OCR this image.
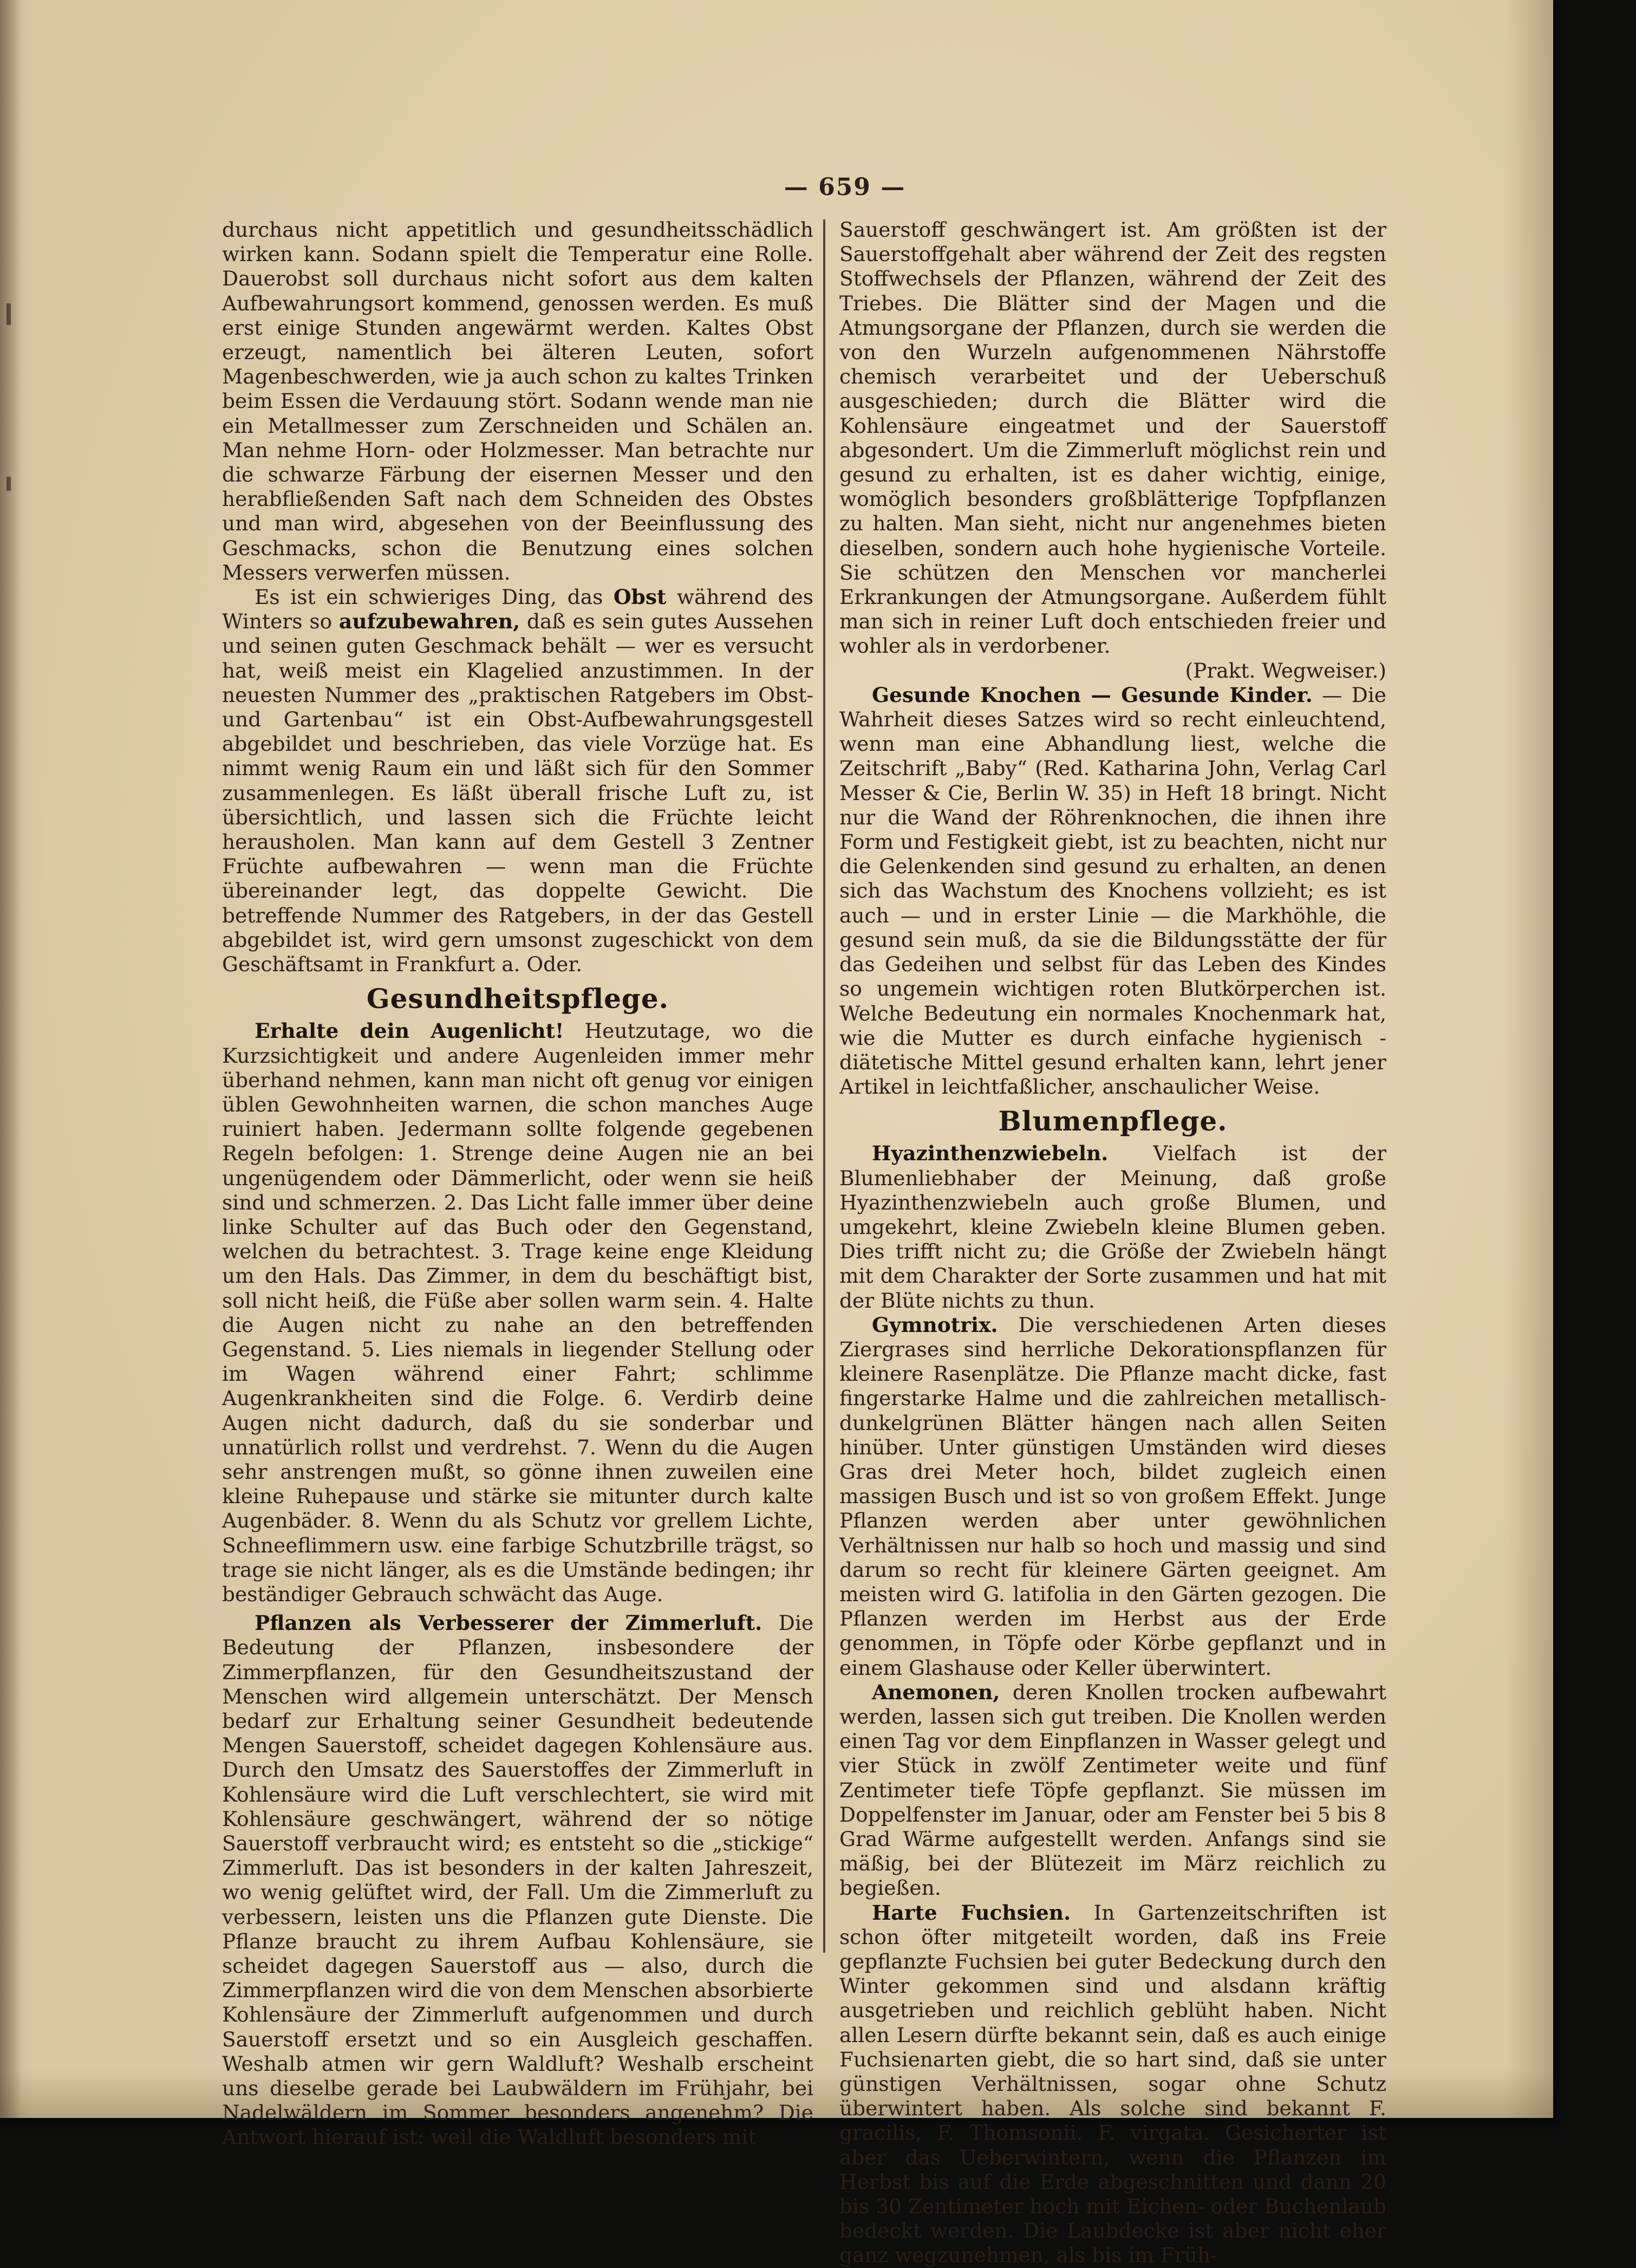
— 659 —

durchaus nicht appetitlich und gesundheitsschädlich wirken kann. Sodann spielt die Temperatur eine Rolle. Dauerobst soll durchaus nicht sofort aus dem kalten Aufbewahrungsort kommend, genossen werden. Es muß erst einige Stunden angewärmt werden. Kaltes Obst erzeugt, namentlich bei älteren Leuten, sofort Magenbeschwerden, wie ja auch schon zu kaltes Trinken beim Essen die Verdauung stört. Sodann wende man nie ein Metallmesser zum Zerschneiden und Schälen an. Man nehme Horn- oder Holzmesser. Man betrachte nur die schwarze Färbung der eisernen Messer und den herabfließenden Saft nach dem Schneiden des Obstes und man wird, abgesehen von der Beeinflussung des Geschmacks, schon die Benutzung eines solchen Messers verwerfen müssen.

Es ist ein schwieriges Ding, das Obst während des Winters so aufzubewahren, daß es sein gutes Aussehen und seinen guten Geschmack behält — wer es versucht hat, weiß meist ein Klagelied anzustimmen. In der neuesten Nummer des „praktischen Ratgebers im Obst- und Gartenbau“ ist ein Obst-Aufbewahrungsgestell abgebildet und beschrieben, das viele Vorzüge hat. Es nimmt wenig Raum ein und läßt sich für den Sommer zusammenlegen. Es läßt überall frische Luft zu, ist übersichtlich, und lassen sich die Früchte leicht herausholen. Man kann auf dem Gestell 3 Zentner Früchte aufbewahren — wenn man die Früchte übereinander legt, das doppelte Gewicht. Die betreffende Nummer des Ratgebers, in der das Gestell abgebildet ist, wird gern umsonst zugeschickt von dem Geschäftsamt in Frankfurt a. Oder.

Gesundheitspflege.

Erhalte dein Augenlicht! Heutzutage, wo die Kurzsichtigkeit und andere Augenleiden immer mehr überhand nehmen, kann man nicht oft genug vor einigen üblen Gewohnheiten warnen, die schon manches Auge ruiniert haben. Jedermann sollte folgende gegebenen Regeln befolgen: 1. Strenge deine Augen nie an bei ungenügendem oder Dämmerlicht, oder wenn sie heiß sind und schmerzen. 2. Das Licht falle immer über deine linke Schulter auf das Buch oder den Gegenstand, welchen du betrachtest. 3. Trage keine enge Kleidung um den Hals. Das Zimmer, in dem du beschäftigt bist, soll nicht heiß, die Füße aber sollen warm sein. 4. Halte die Augen nicht zu nahe an den betreffenden Gegenstand. 5. Lies niemals in liegender Stellung oder im Wagen während einer Fahrt; schlimme Augenkrankheiten sind die Folge. 6. Verdirb deine Augen nicht dadurch, daß du sie sonderbar und unnatürlich rollst und verdrehst. 7. Wenn du die Augen sehr anstrengen mußt, so gönne ihnen zuweilen eine kleine Ruhepause und stärke sie mitunter durch kalte Augenbäder. 8. Wenn du als Schutz vor grellem Lichte, Schneeflimmern usw. eine farbige Schutzbrille trägst, so trage sie nicht länger, als es die Umstände bedingen; ihr beständiger Gebrauch schwächt das Auge.

Pflanzen als Verbesserer der Zimmerluft. Die Bedeutung der Pflanzen, insbesondere der Zimmerpflanzen, für den Gesundheitszustand der Menschen wird allgemein unterschätzt. Der Mensch bedarf zur Erhaltung seiner Gesundheit bedeutende Mengen Sauerstoff, scheidet dagegen Kohlensäure aus. Durch den Umsatz des Sauerstoffes der Zimmerluft in Kohlensäure wird die Luft verschlechtert, sie wird mit Kohlensäure geschwängert, während der so nötige Sauerstoff verbraucht wird; es entsteht so die „stickige“ Zimmerluft. Das ist besonders in der kalten Jahreszeit, wo wenig gelüftet wird, der Fall. Um die Zimmerluft zu verbessern, leisten uns die Pflanzen gute Dienste. Die Pflanze braucht zu ihrem Aufbau Kohlensäure, sie scheidet dagegen Sauerstoff aus — also, durch die Zimmerpflanzen wird die von dem Menschen absorbierte Kohlensäure der Zimmerluft aufgenommen und durch Sauerstoff ersetzt und so ein Ausgleich geschaffen. Weshalb atmen wir gern Waldluft? Weshalb erscheint uns dieselbe gerade bei Laubwäldern im Frühjahr, bei Nadelwäldern im Sommer besonders angenehm? Die Antwort hierauf ist: weil die Waldluft besonders mit

Sauerstoff geschwängert ist. Am größten ist der Sauerstoffgehalt aber während der Zeit des regsten Stoffwechsels der Pflanzen, während der Zeit des Triebes. Die Blätter sind der Magen und die Atmungsorgane der Pflanzen, durch sie werden die von den Wurzeln aufgenommenen Nährstoffe chemisch verarbeitet und der Ueberschuß ausgeschieden; durch die Blätter wird die Kohlensäure eingeatmet und der Sauerstoff abgesondert. Um die Zimmerluft möglichst rein und gesund zu erhalten, ist es daher wichtig, einige, womöglich besonders großblätterige Topfpflanzen zu halten. Man sieht, nicht nur angenehmes bieten dieselben, sondern auch hohe hygienische Vorteile. Sie schützen den Menschen vor mancherlei Erkrankungen der Atmungsorgane. Außerdem fühlt man sich in reiner Luft doch entschieden freier und wohler als in verdorbener.

(Prakt. Wegweiser.)

Gesunde Knochen — Gesunde Kinder. — Die Wahrheit dieses Satzes wird so recht einleuchtend, wenn man eine Abhandlung liest, welche die Zeitschrift „Baby“ (Red. Katharina John, Verlag Carl Messer & Cie, Berlin W. 35) in Heft 18 bringt. Nicht nur die Wand der Röhrenknochen, die ihnen ihre Form und Festigkeit giebt, ist zu beachten, nicht nur die Gelenkenden sind gesund zu erhalten, an denen sich das Wachstum des Knochens vollzieht; es ist auch — und in erster Linie — die Markhöhle, die gesund sein muß, da sie die Bildungsstätte der für das Gedeihen und selbst für das Leben des Kindes so ungemein wichtigen roten Blutkörperchen ist. Welche Bedeutung ein normales Knochenmark hat, wie die Mutter es durch einfache hygienisch - diätetische Mittel gesund erhalten kann, lehrt jener Artikel in leichtfaßlicher, anschaulicher Weise.

Blumenpflege.

Hyazinthenzwiebeln. Vielfach ist der Blumenliebhaber der Meinung, daß große Hyazinthenzwiebeln auch große Blumen, und umgekehrt, kleine Zwiebeln kleine Blumen geben. Dies trifft nicht zu; die Größe der Zwiebeln hängt mit dem Charakter der Sorte zusammen und hat mit der Blüte nichts zu thun.

Gymnotrix. Die verschiedenen Arten dieses Ziergrases sind herrliche Dekorationspflanzen für kleinere Rasenplätze. Die Pflanze macht dicke, fast fingerstarke Halme und die zahlreichen metallisch-dunkelgrünen Blätter hängen nach allen Seiten hinüber. Unter günstigen Umständen wird dieses Gras drei Meter hoch, bildet zugleich einen massigen Busch und ist so von großem Effekt. Junge Pflanzen werden aber unter gewöhnlichen Verhältnissen nur halb so hoch und massig und sind darum so recht für kleinere Gärten geeignet. Am meisten wird G. latifolia in den Gärten gezogen. Die Pflanzen werden im Herbst aus der Erde genommen, in Töpfe oder Körbe gepflanzt und in einem Glashause oder Keller überwintert.

Anemonen, deren Knollen trocken aufbewahrt werden, lassen sich gut treiben. Die Knollen werden einen Tag vor dem Einpflanzen in Wasser gelegt und vier Stück in zwölf Zentimeter weite und fünf Zentimeter tiefe Töpfe gepflanzt. Sie müssen im Doppelfenster im Januar, oder am Fenster bei 5 bis 8 Grad Wärme aufgestellt werden. Anfangs sind sie mäßig, bei der Blütezeit im März reichlich zu begießen.

Harte Fuchsien. In Gartenzeitschriften ist schon öfter mitgeteilt worden, daß ins Freie gepflanzte Fuchsien bei guter Bedeckung durch den Winter gekommen sind und alsdann kräftig ausgetrieben und reichlich geblüht haben. Nicht allen Lesern dürfte bekannt sein, daß es auch einige Fuchsienarten giebt, die so hart sind, daß sie unter günstigen Verhältnissen, sogar ohne Schutz überwintert haben. Als solche sind bekannt F. gracilis, F. Thomsonii. F. virgata. Gesicherter ist aber das Ueberwintern, wenn die Pflanzen im Herbst bis auf die Erde abgeschnitten und dann 20 bis 30 Zentimeter hoch mit Eichen- oder Buchenlaub bedeckt werden. Die Laubdecke ist aber nicht eher ganz wegzunehmen, als bis im Früh-
